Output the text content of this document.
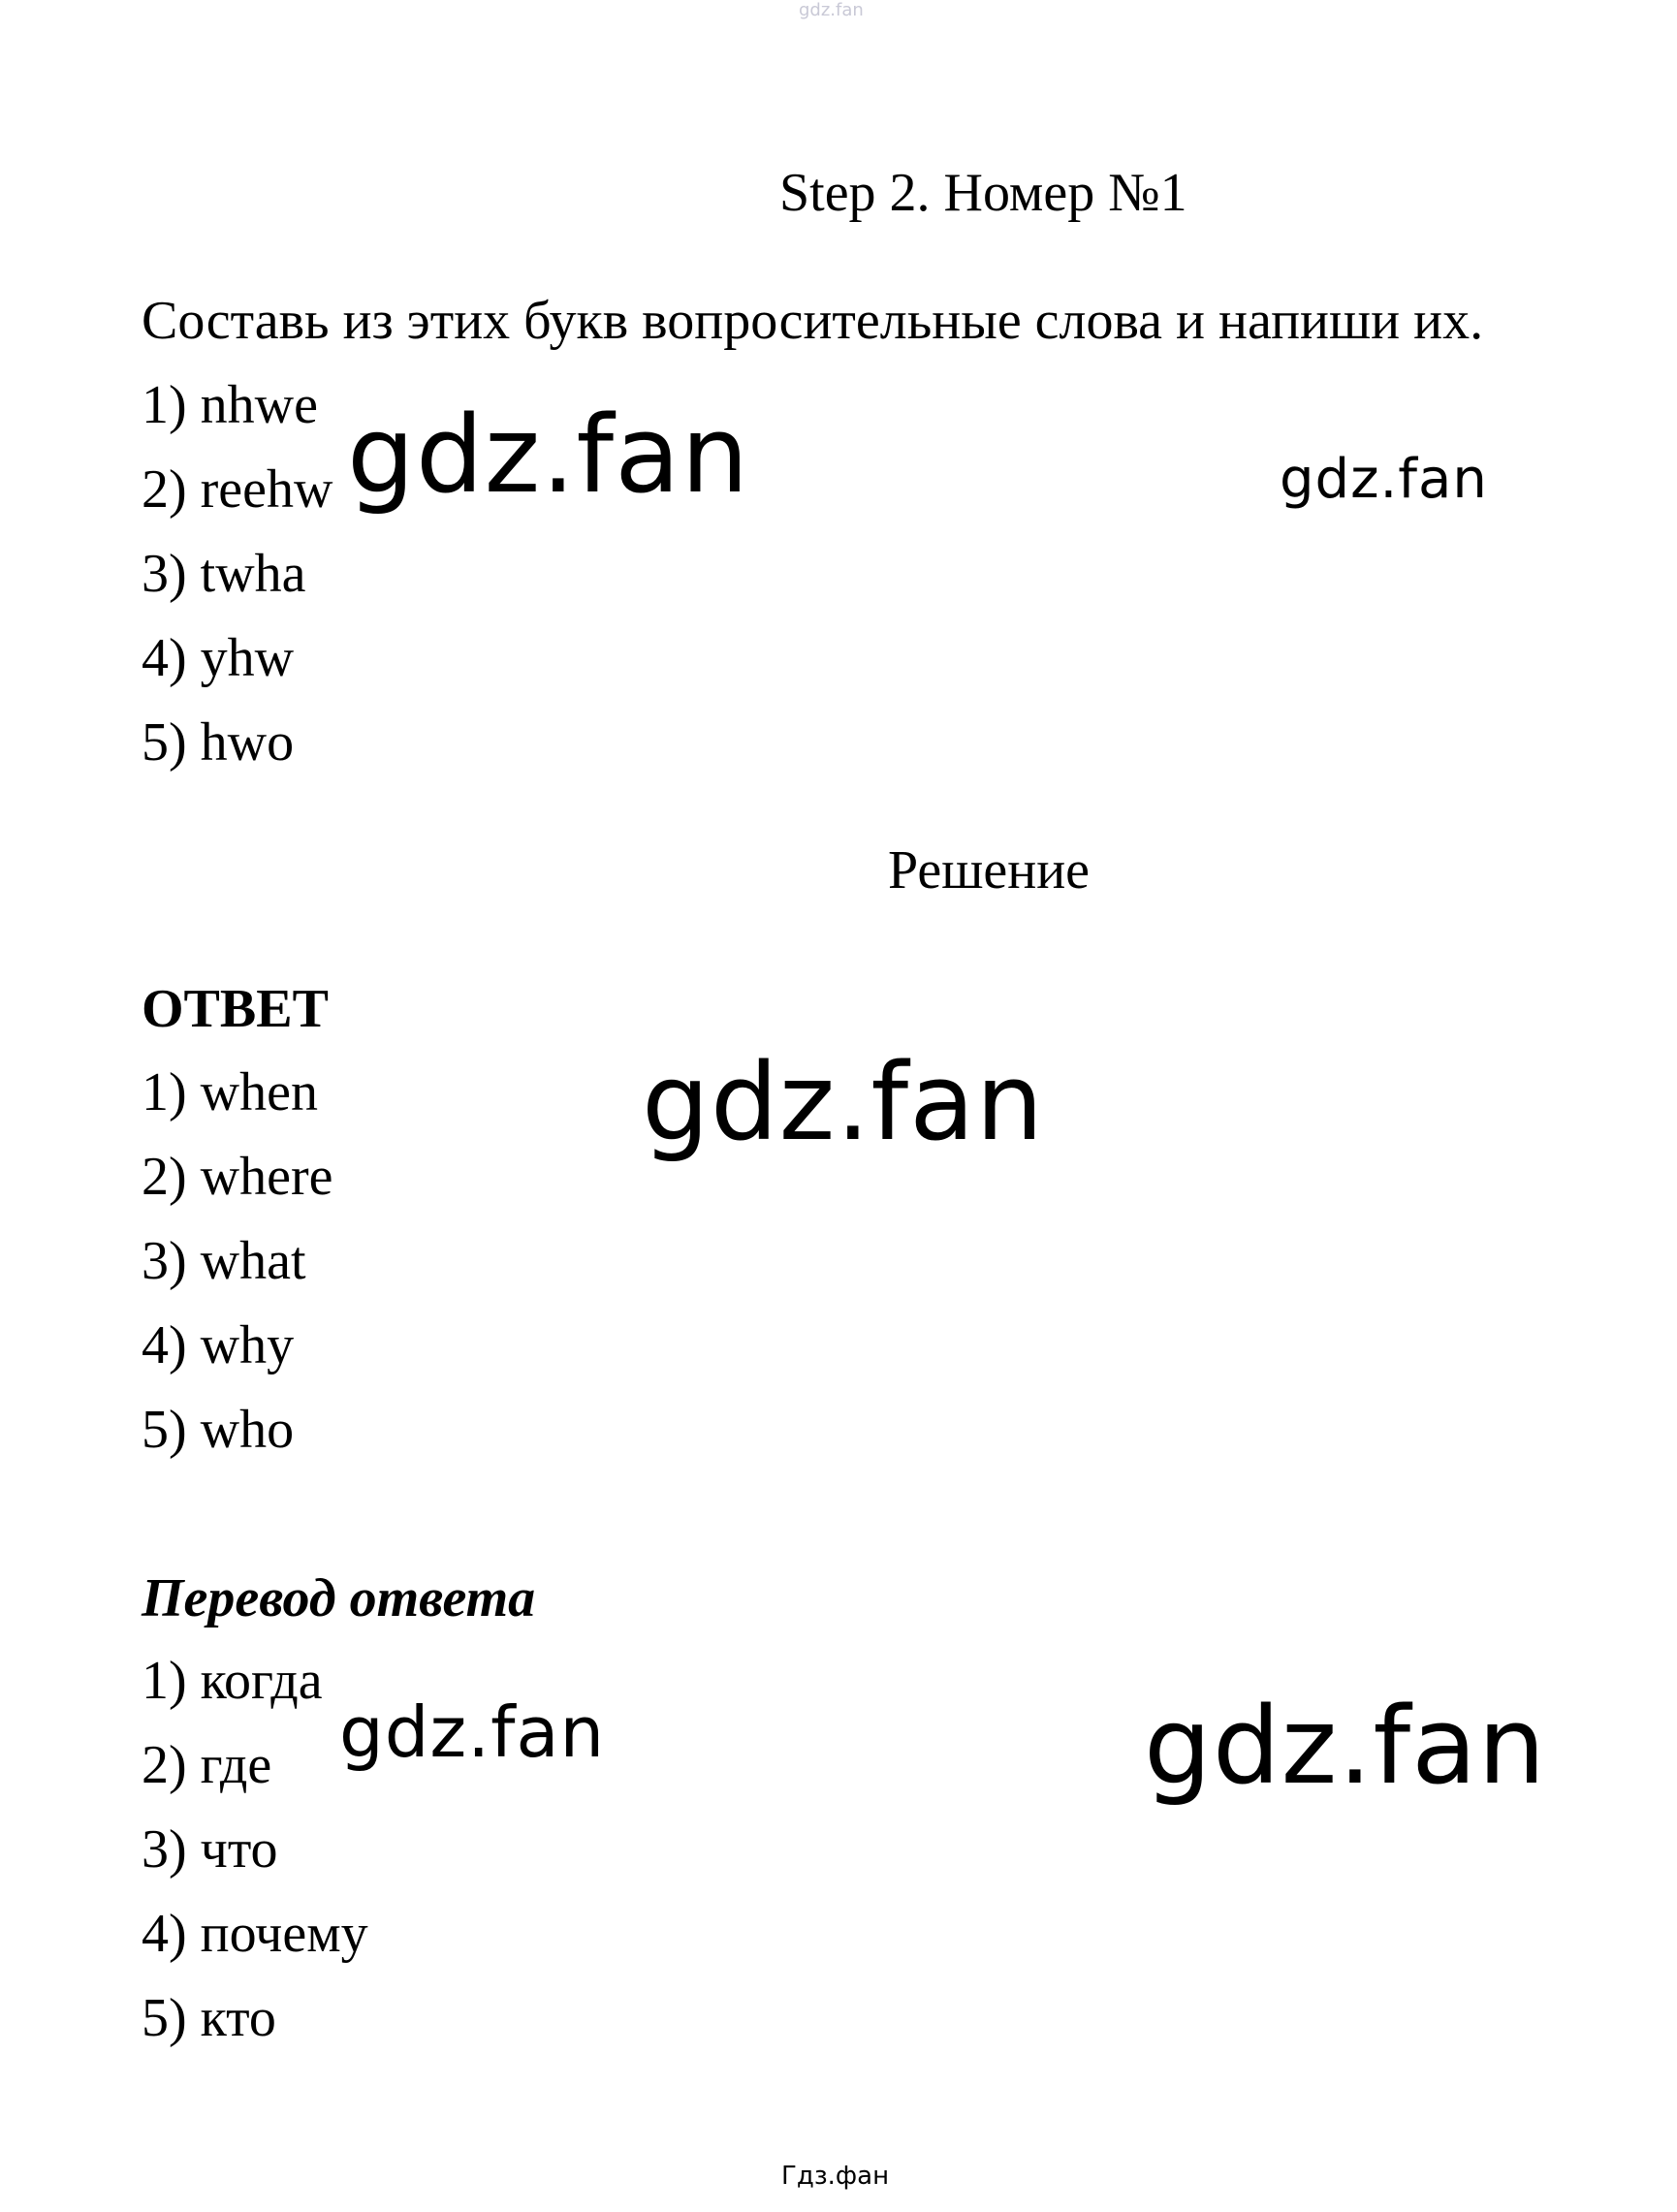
gdz.fan
Step 2. Номер №1
Составь из этих букв вопросительные слова и напиши их.
1) nhwe
2) reehw
3) twha
4) yhw
5) hwo
Решение
ОТВЕТ
1) when
2) where
3) what
4) why
5) who
Перевод ответа
1) когда
2) где
3) что
4) почему
5) кто
gdz.fan	gdz.fan
gdz.fan
gdz.fan	gdz.fan
Гдз.фан
